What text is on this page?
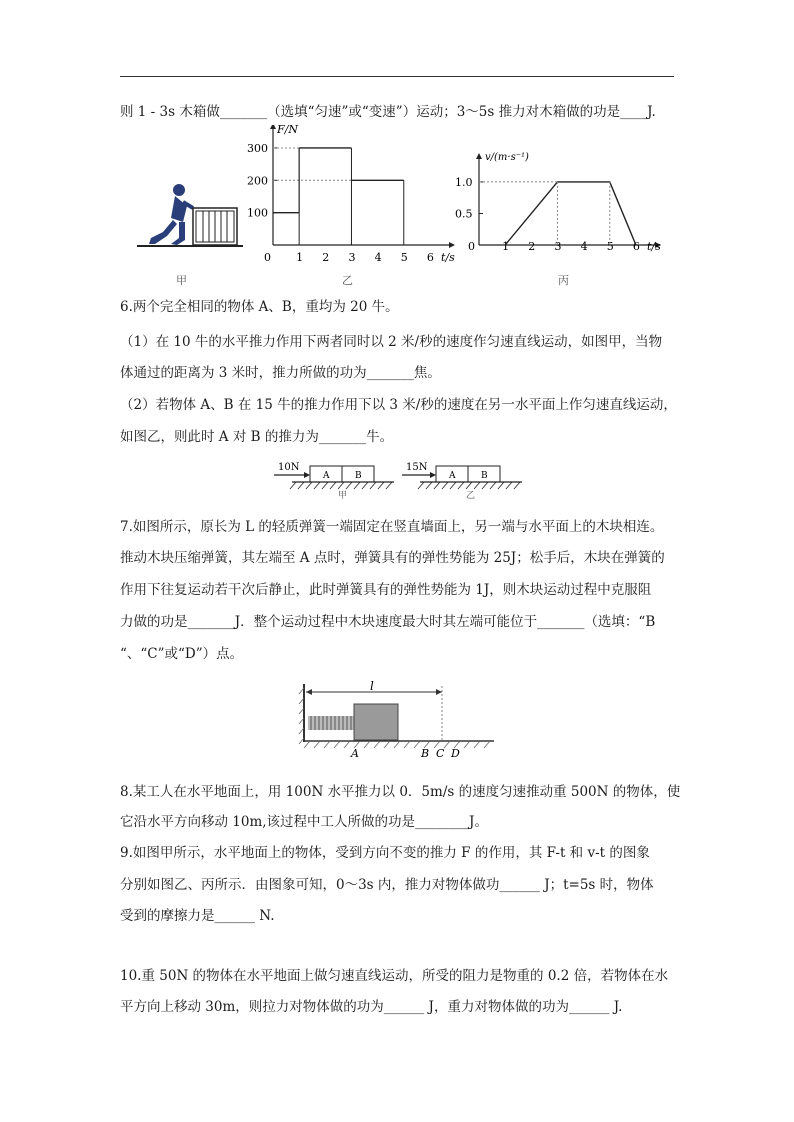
则 1 - 3s 木箱做_______（选填“匀速”或“变速”）运动；3～5s 推力对木箱做的功是____J.
甲
F/N
t/s
0 1 2 3 4 5 6
100
200
300
乙
v/(m·s⁻¹)
t/s
0 1 2 3 4 5 6
0.5
1.0
丙
6.两个完全相同的物体 A、B，重均为 20 牛。
（1）在 10 牛的水平推力作用下两者同时以 2 米/秒的速度作匀速直线运动，如图甲，当物
体通过的距离为 3 米时，推力所做的功为_______焦。
（2）若物体 A、B 在 15 牛的推力作用下以 3 米/秒的速度在另一水平面上作匀速直线运动，
如图乙，则此时 A 对 B 的推力为_______牛。
10N
A	B
甲
15N
A	B
乙
7.如图所示，原长为 L 的轻质弹簧一端固定在竖直墙面上，另一端与水平面上的木块相连。
推动木块压缩弹簧，其左端至 A 点时，弹簧具有的弹性势能为 25J；松手后，木块在弹簧的
作用下往复运动若干次后静止，此时弹簧具有的弹性势能为 1J，则木块运动过程中克服阻
力做的功是_______J．整个运动过程中木块速度最大时其左端可能位于_______（选填：“B
“、“C”或“D”）点。
l
A	B C D
8.某工人在水平地面上，用 100N 水平推力以 0．5m/s 的速度匀速推动重 500N 的物体，使
它沿水平方向移动 10m,该过程中工人所做的功是________J。
9.如图甲所示，水平地面上的物体，受到方向不变的推力 F 的作用，其 F-t 和 v-t 的图象
分别如图乙、丙所示．由图象可知，0～3s 内，推力对物体做功______ J；t=5s 时，物体
受到的摩擦力是______ N.
10.重 50N 的物体在水平地面上做匀速直线运动，所受的阻力是物重的 0.2 倍，若物体在水
平方向上移动 30m，则拉力对物体做的功为______ J，重力对物体做的功为______ J.
